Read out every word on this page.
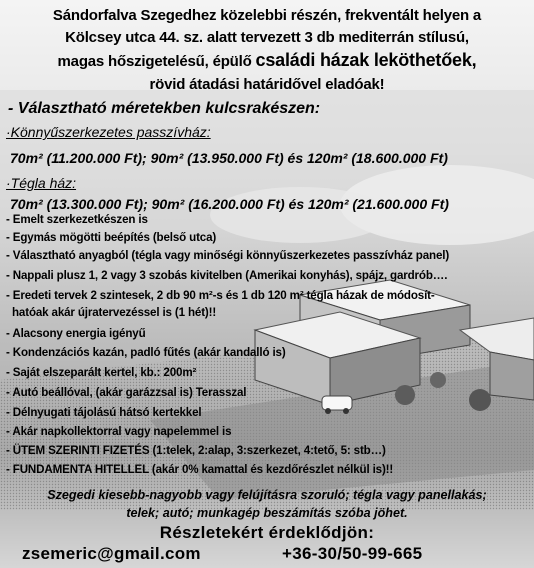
Sándorfalva Szegedhez közelebbi részén, frekventált helyen a
Kölcsey utca 44. sz. alatt tervezett 3 db mediterrán stílusú,
magas hőszigetelésű, épülő családi házak leköthetőek,
rövid átadási határidővel eladóak!
- Választható méretekben kulcsrakészen:
·Könnyűszerkezetes passzívház:
70m² (11.200.000 Ft); 90m² (13.950.000 Ft) és 120m² (18.600.000 Ft)
·Tégla ház:
70m² (13.300.000 Ft); 90m² (16.200.000 Ft) és 120m² (21.600.000 Ft)
- Emelt szerkezetkészen is
- Egymás mögötti beépítés (belső utca)
- Választható anyagból (tégla vagy minőségi könnyűszerkezetes passzívház panel)
- Nappali plusz 1, 2 vagy 3 szobás kivitelben (Amerikai konyhás), spájz, gardrób….
- Eredeti tervek 2 szintesek, 2 db 90 m²-s és 1 db 120 m² tégla házak de módosít-
hatóak akár újratervezéssel is (1 hét)!!
- Alacsony energia igényű
- Kondenzációs kazán, padló fűtés (akár kandalló is)
- Saját elszeparált kertel, kb.: 200m²
- Autó beállóval, (akár garázzsal is) Terasszal
- Délnyugati tájolású hátsó kertekkel
- Akár napkollektorral vagy napelemmel is
- ÜTEM SZERINTI FIZETÉS (1:telek, 2:alap, 3:szerkezet, 4:tető, 5: stb…)
- FUNDAMENTA HITELLEL (akár 0% kamattal és kezdőrészlet nélkül is)!!
Szegedi kiesebb-nagyobb vagy felújításra szoruló; tégla vagy panellakás;
telek; autó; munkagép beszámítás szóba jöhet.
Részletekért érdeklődjön:
zsemeric@gmail.com	+36-30/50-99-665
